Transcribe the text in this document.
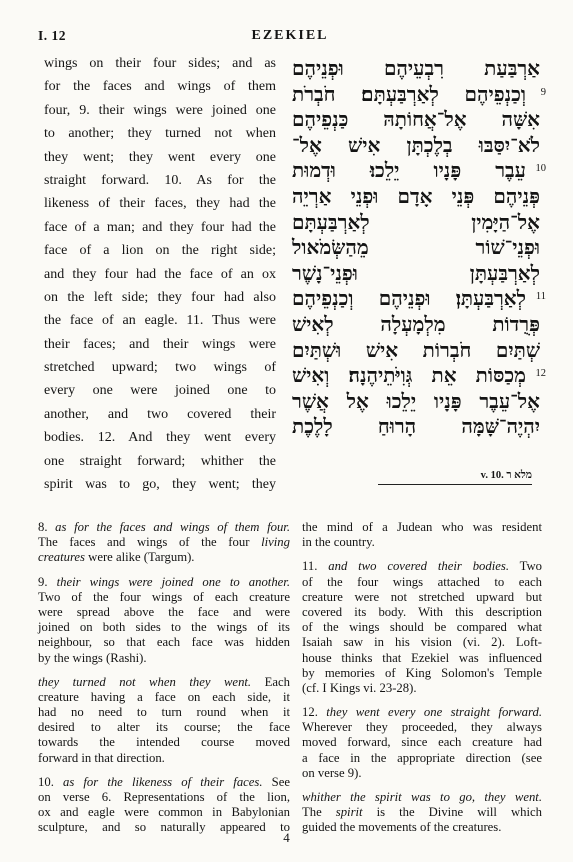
I. 12	EZEKIEL
wings on their four sides; and as
for the faces and wings of them
four, 9. their wings were joined one
to another; they turned not when
they went; they went every one
straight forward. 10. As for the
likeness of their faces, they had the
face of a man; and they four had the
face of a lion on the right side;
and they four had the face of an ox
on the left side; they four had also
the face of an eagle. 11. Thus were
their faces; and their wings were
stretched upward; two wings of
every one were joined one to
another, and two covered their
bodies. 12. And they went every
one straight forward; whither the
spirit was to go, they went; they
אַרְבַּעַת רִבְעֵיהֶם וּפְנֵיהֶם
וְכַנְפֵיהֶם לְאַרְבַּעְתָּם׃ חֹבְרֹת 9
אִשָּׁה אֶל־אֲחוֹתָהּ כַּנְפֵיהֶם
לֹא־יִסַּבּוּ בְלֶכְתָּן אִישׁ אֶל־
עֵבֶר פָּנָיו יֵלֵכוּ׃ וּדְמוּת 10
פְּנֵיהֶם פְּנֵי אָדָם וּפְנֵי אַרְיֵה
אֶל־הַיָּמִין לְאַרְבַּעְתָּם
וּפְנֵי־שׁוֹר מֵהַשְּׂמֹאול
לְאַרְבַּעְתָּן וּפְנֵי־נָשֶׁר
לְאַרְבַּעְתָּן׃ וּפְנֵיהֶם וְכַנְפֵיהֶם 11
פְּרֻדוֹת מִלְמָעְלָה לְאִישׁ
שְׁתַּיִם חֹבְרוֹת אִישׁ וּשְׁתַּיִם
מְכַסּוֹת אֵת גְּוִיֹּתֵיהֶנָה׃ וְאִישׁ 12
אֶל־עֵבֶר פָּנָיו יֵלֵכוּ אֶל אֲשֶׁר
יִהְיֶה־שָּׁמָּה הָרוּחַ לָלֶכֶת
v. 10. מלא ר
8. as for the faces and wings of them four.
The faces and wings of the four living
creatures were alike (Targum).
9. their wings were joined one to another.
Two of the four wings of each creature
were spread above the face and were
joined on both sides to the wings of its
neighbour, so that each face was hidden
by the wings (Rashi).
they turned not when they went. Each
creature having a face on each side, it
had no need to turn round when it
desired to alter its course; the face
towards the intended course moved
forward in that direction.
10. as for the likeness of their faces. See
on verse 6. Representations of the lion,
ox and eagle were common in Babylonian
sculpture, and so naturally appeared to
the mind of a Judean who was resident
in the country.
11. and two covered their bodies. Two
of the four wings attached to each
creature were not stretched upward but
covered its body. With this description
of the wings should be compared what
Isaiah saw in his vision (vi. 2). Loft-
house thinks that Ezekiel was influenced
by memories of King Solomon's Temple
(cf. I Kings vi. 23-28).
12. they went every one straight forward.
Wherever they proceeded, they always
moved forward, since each creature had
a face in the appropriate direction (see
on verse 9).
whither the spirit was to go, they went.
The spirit is the Divine will which
guided the movements of the creatures.
4
